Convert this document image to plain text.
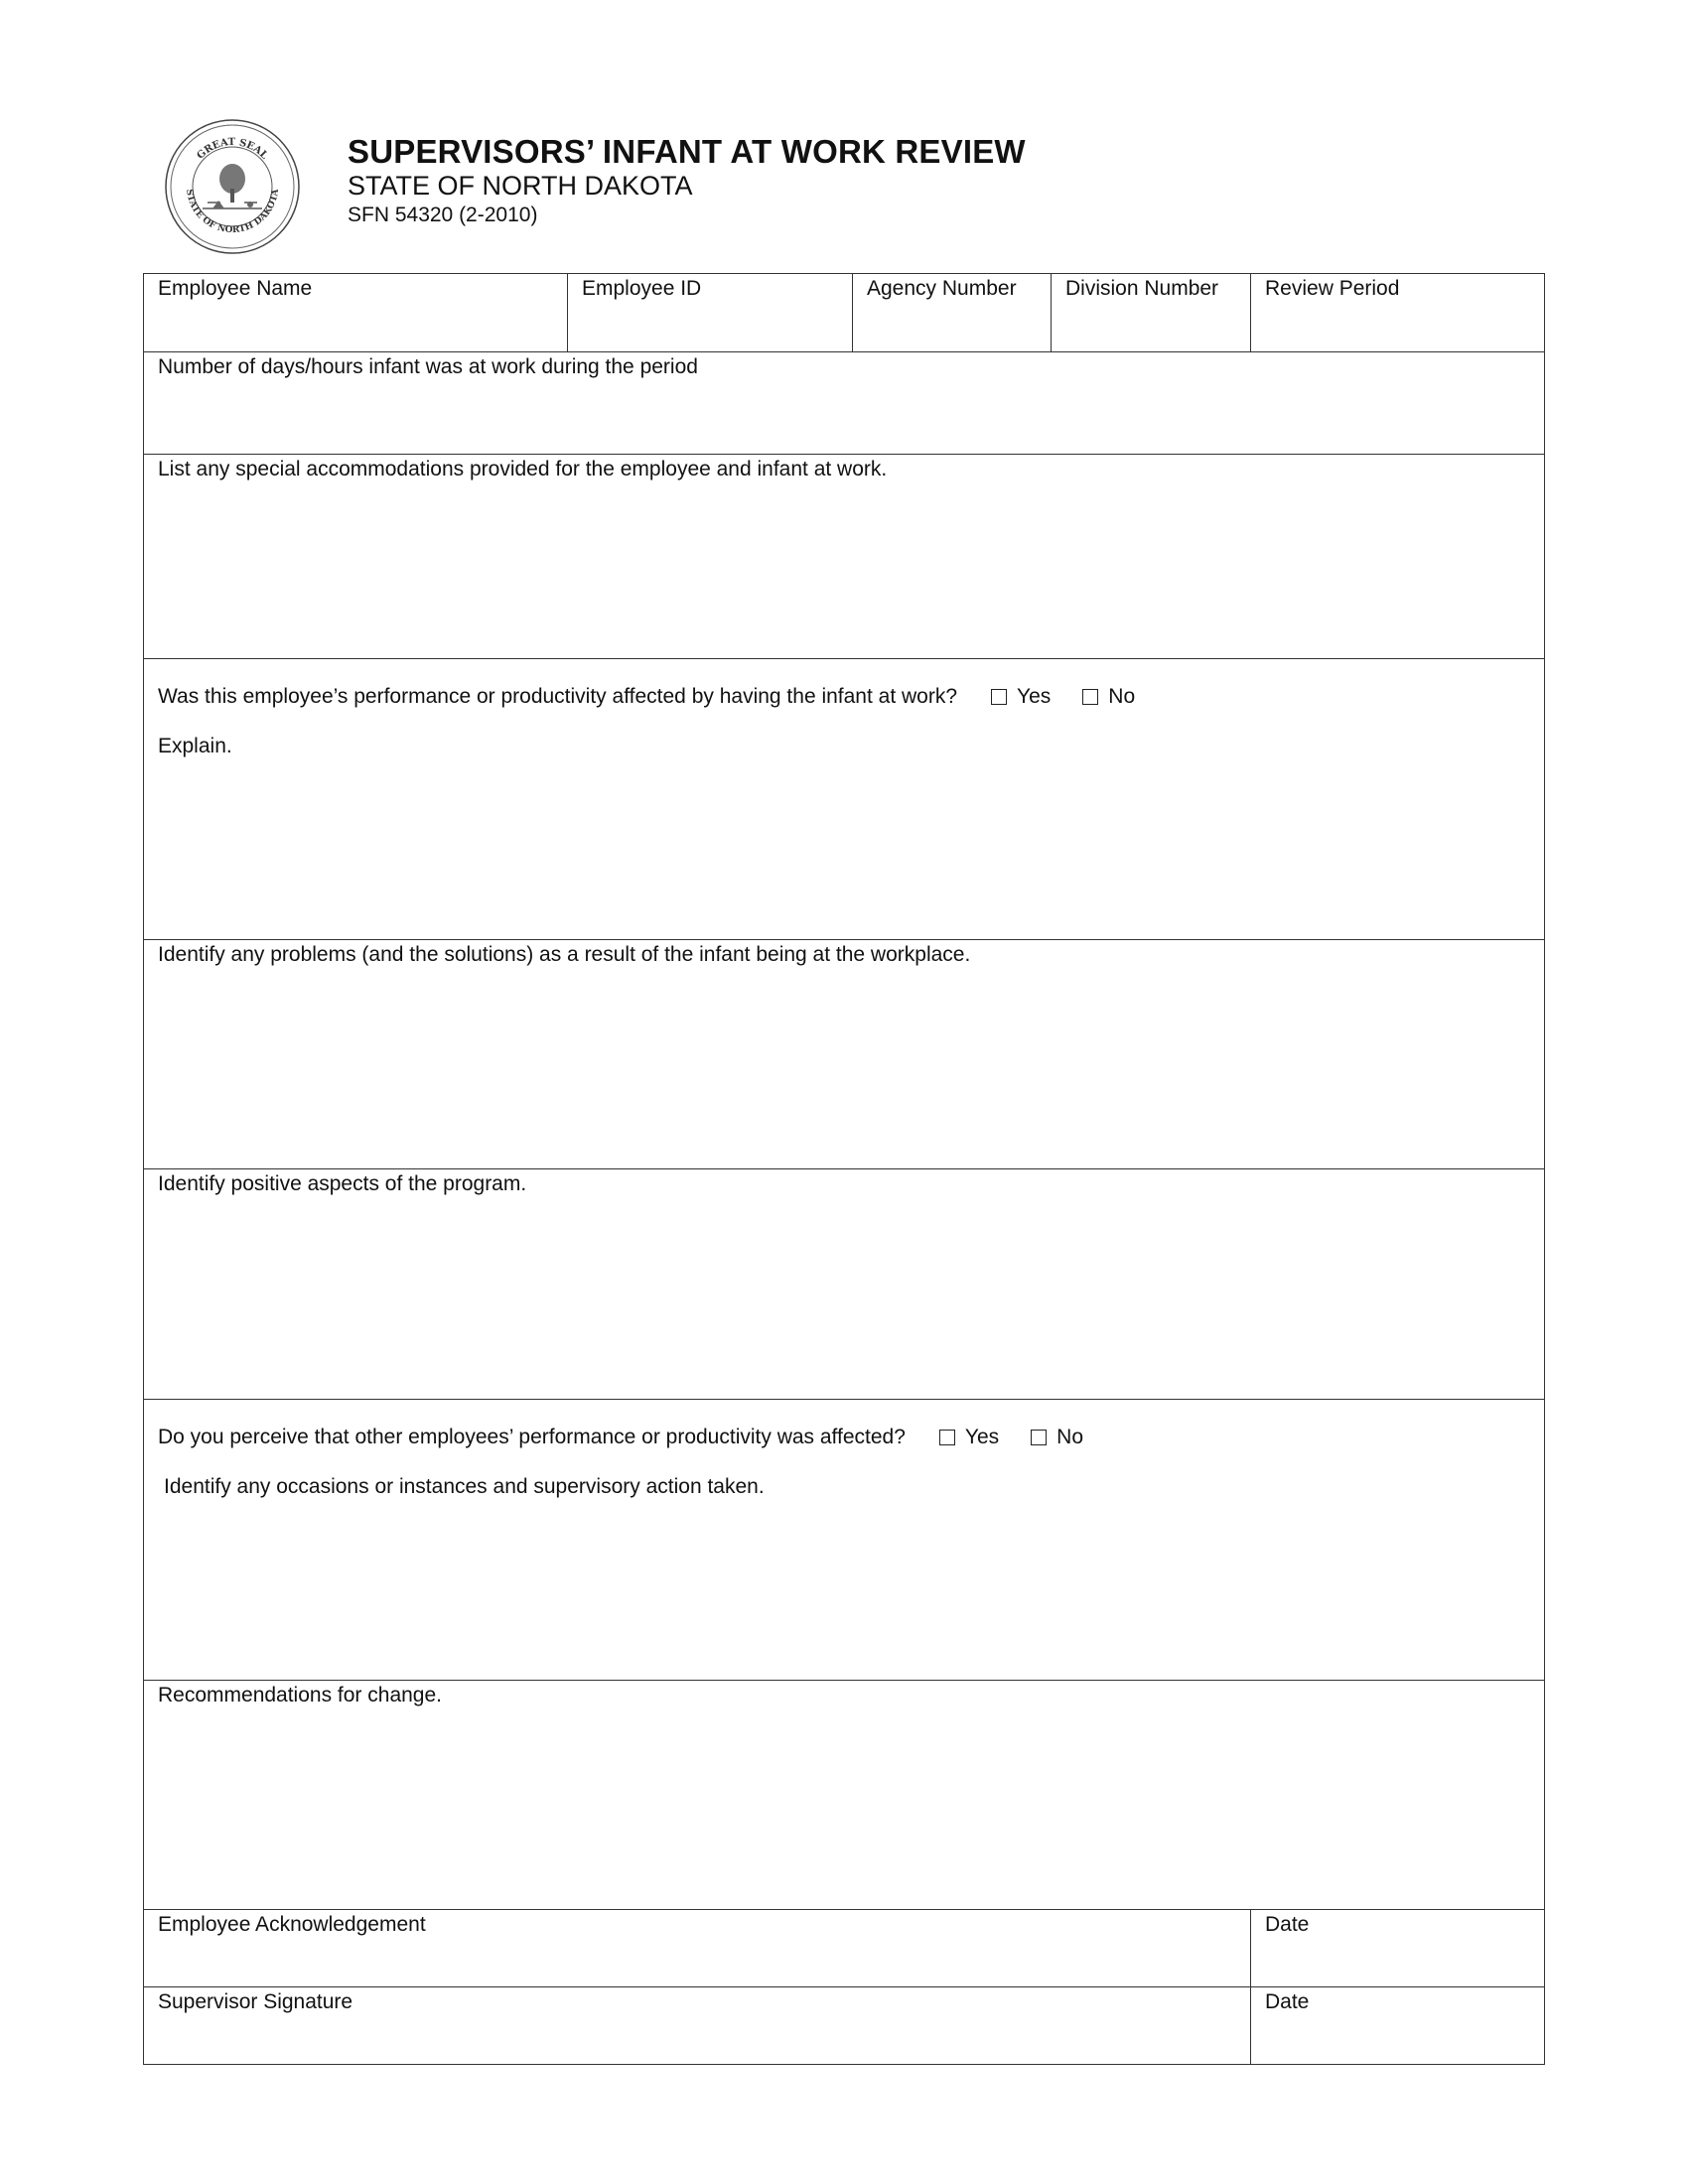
GREAT SEAL
STATE OF NORTH DAKOTA
SUPERVISORS’ INFANT AT WORK REVIEW
STATE OF NORTH DAKOTA
SFN 54320 (2-2010)
Employee Name	Employee ID	Agency Number	Division Number	Review Period
Number of days/hours infant was at work during the period
List any special accommodations provided for the employee and infant at work.
Was this employee’s performance or productivity affected by having the infant at work?	Yes	No
Explain.
Identify any problems (and the solutions) as a result of the infant being at the workplace.
Identify positive aspects of the program.
Do you perceive that other employees’ performance or productivity was affected?	Yes	No
Identify any occasions or instances and supervisory action taken.
Recommendations for change.
Employee Acknowledgement	Date
Supervisor Signature	Date
